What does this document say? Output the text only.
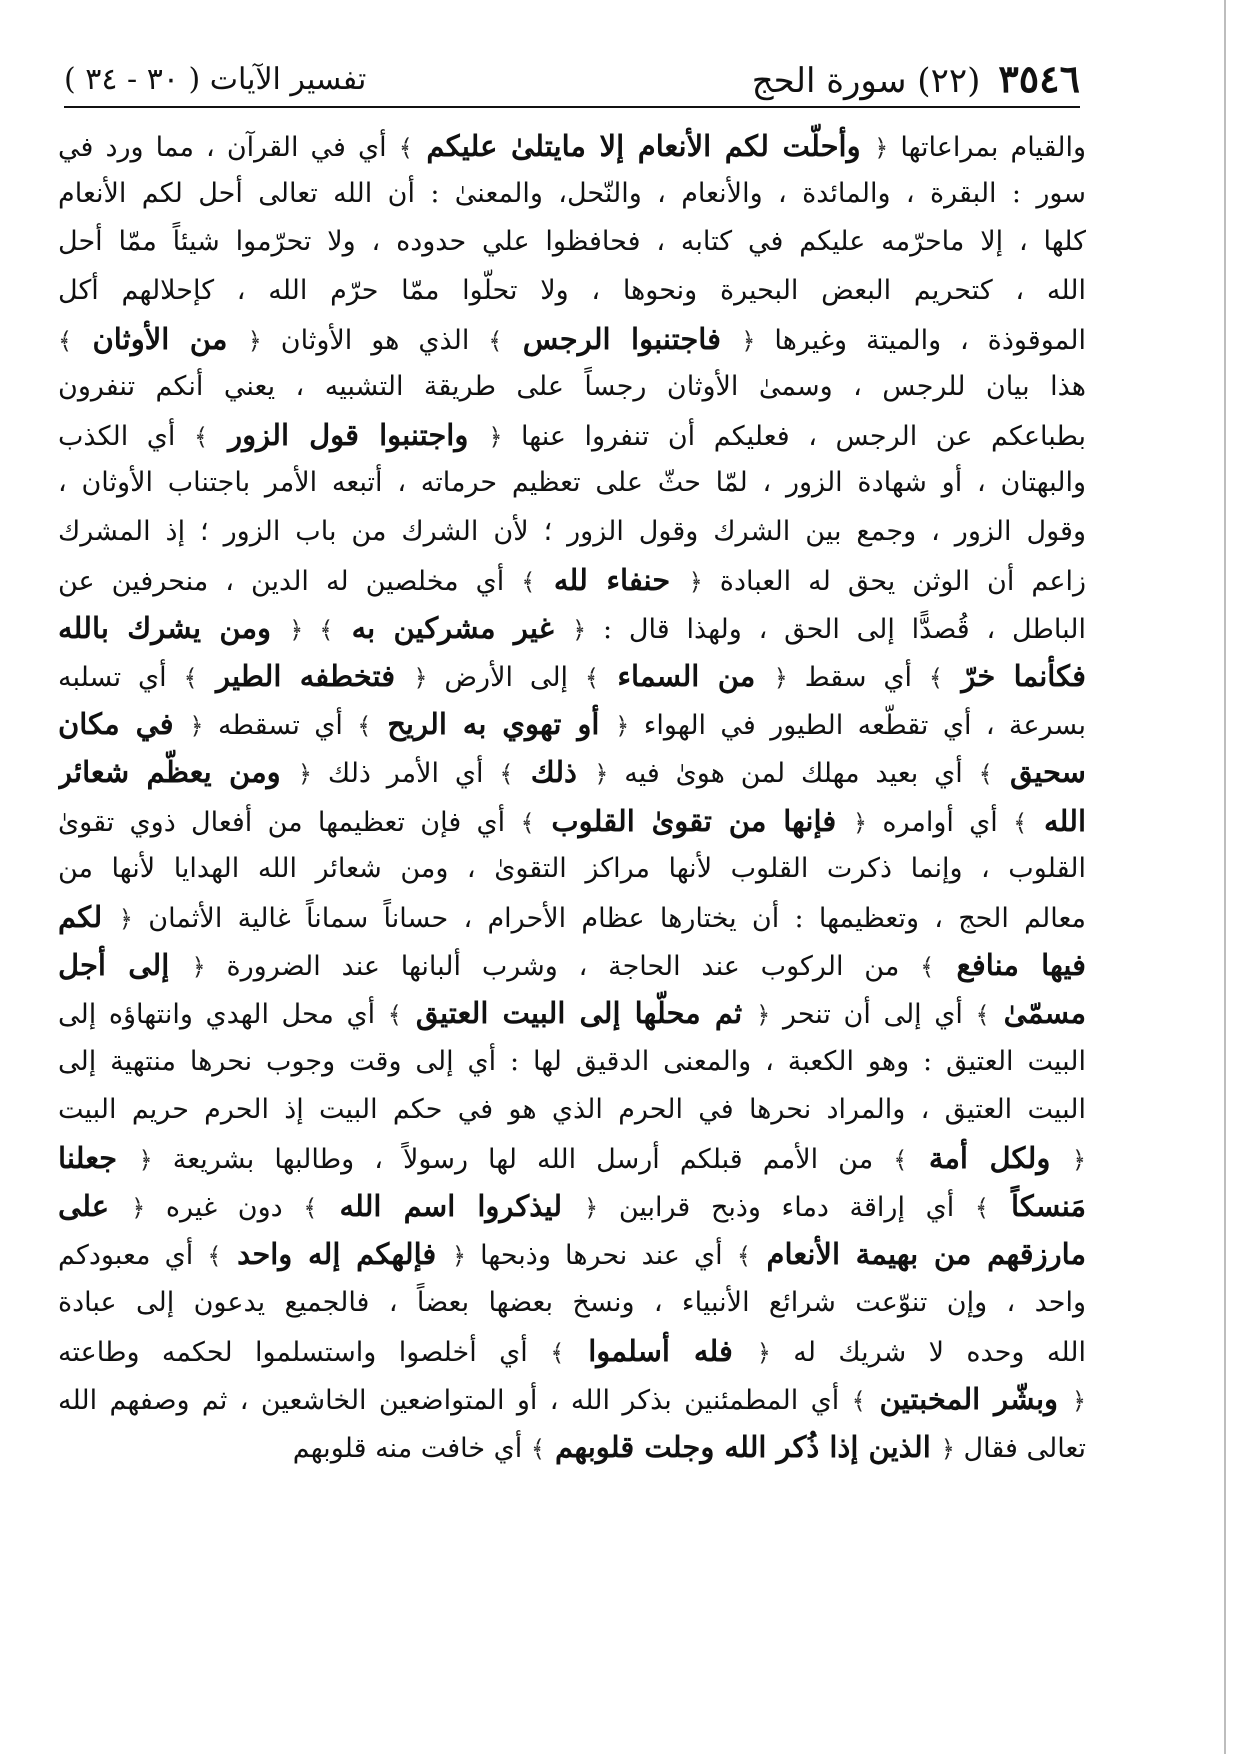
٣٥٤٦(٢٢) سورة الحج
تفسير الآيات ( ٣٠ - ٣٤ )
والقيام بمراعاتها ﴿ وأحلّت لكم الأنعام إلا مايتلىٰ عليكم ﴾ أي في القرآن ، مما ورد في
سور : البقرة ، والمائدة ، والأنعام ، والنّحل، والمعنىٰ : أن الله تعالى أحل لكم الأنعام
كلها ، إلا ماحرّمه عليكم في كتابه ، فحافظوا علي حدوده ، ولا تحرّموا شيئاً ممّا أحل
الله ، كتحريم البعض البحيرة ونحوها ، ولا تحلّوا ممّا حرّم الله ، كإحلالهم أكل
الموقوذة ، والميتة وغيرها ﴿ فاجتنبوا الرجس ﴾ الذي هو الأوثان ﴿ من الأوثان ﴾
هذا بيان للرجس ، وسمىٰ الأوثان رجساً على طريقة التشبيه ، يعني أنكم تنفرون
بطباعكم عن الرجس ، فعليكم أن تنفروا عنها ﴿ واجتنبوا قول الزور ﴾ أي الكذب
والبهتان ، أو شهادة الزور ، لمّا حثّ على تعظيم حرماته ، أتبعه الأمر باجتناب الأوثان ،
وقول الزور ، وجمع بين الشرك وقول الزور ؛ لأن الشرك من باب الزور ؛ إذ المشرك
زاعم أن الوثن يحق له العبادة ﴿ حنفاء لله ﴾ أي مخلصين له الدين ، منحرفين عن
الباطل ، قُصدًّا إلى الحق ، ولهذا قال : ﴿ غير مشركين به ﴾ ﴿ ومن يشرك بالله
فكأنما خرّ ﴾ أي سقط ﴿ من السماء ﴾ إلى الأرض ﴿ فتخطفه الطير ﴾ أي تسلبه
بسرعة ، أي تقطّعه الطيور في الهواء ﴿ أو تهوي به الريح ﴾ أي تسقطه ﴿ في مكان
سحيق ﴾ أي بعيد مهلك لمن هوىٰ فيه ﴿ ذلك ﴾ أي الأمر ذلك ﴿ ومن يعظّم شعائر
الله ﴾ أي أوامره ﴿ فإنها من تقوىٰ القلوب ﴾ أي فإن تعظيمها من أفعال ذوي تقوىٰ
القلوب ، وإنما ذكرت القلوب لأنها مراكز التقوىٰ ، ومن شعائر الله الهدايا لأنها من
معالم الحج ، وتعظيمها : أن يختارها عظام الأحرام ، حساناً سماناً غالية الأثمان ﴿ لكم
فيها منافع ﴾ من الركوب عند الحاجة ، وشرب ألبانها عند الضرورة ﴿ إلى أجل
مسمّىٰ ﴾ أي إلى أن تنحر ﴿ ثم محلّها إلى البيت العتيق ﴾ أي محل الهدي وانتهاؤه إلى
البيت العتيق : وهو الكعبة ، والمعنى الدقيق لها : أي إلى وقت وجوب نحرها منتهية إلى
البيت العتيق ، والمراد نحرها في الحرم الذي هو في حكم البيت إذ الحرم حريم البيت
﴿ ولكل أمة ﴾ من الأمم قبلكم أرسل الله لها رسولاً ، وطالبها بشريعة ﴿ جعلنا
مَنسكاً ﴾ أي إراقة دماء وذبح قرابين ﴿ ليذكروا اسم الله ﴾ دون غيره ﴿ على
مارزقهم من بهيمة الأنعام ﴾ أي عند نحرها وذبحها ﴿ فإلهكم إله واحد ﴾ أي معبودكم
واحد ، وإن تنوّعت شرائع الأنبياء ، ونسخ بعضها بعضاً ، فالجميع يدعون إلى عبادة
الله وحده لا شريك له ﴿ فله أسلموا ﴾ أي أخلصوا واستسلموا لحكمه وطاعته
﴿ وبشّر المخبتين ﴾ أي المطمئنين بذكر الله ، أو المتواضعين الخاشعين ، ثم وصفهم الله
تعالى فقال ﴿ الذين إذا ذُكر الله وجلت قلوبهم ﴾ أي خافت منه قلوبهم
